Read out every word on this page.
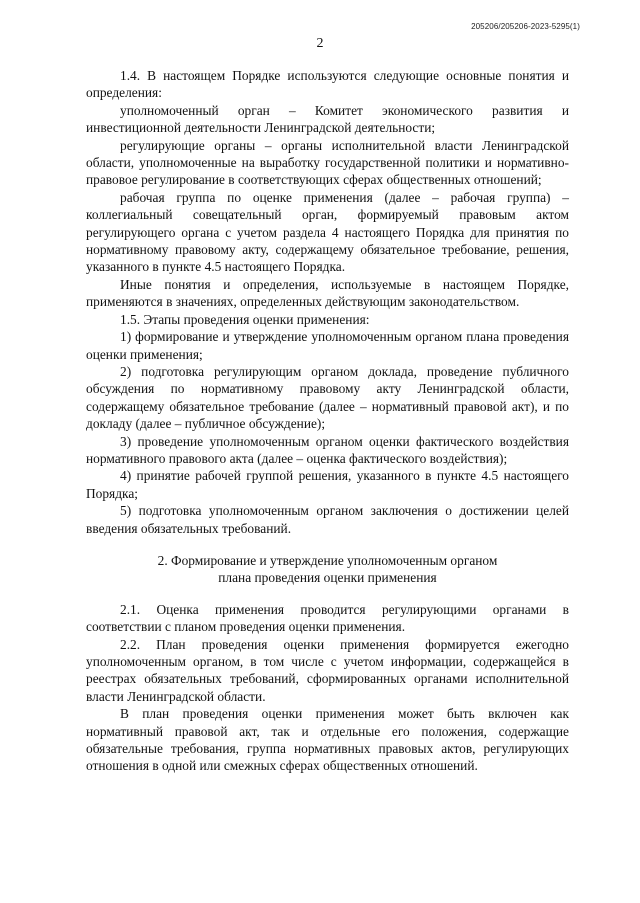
205206/205206-2023-5295(1)
2

1.4. В настоящем Порядке используются следующие основные понятия и определения:

уполномоченный орган – Комитет экономического развития и инвестиционной деятельности Ленинградской деятельности;

регулирующие органы – органы исполнительной власти Ленинградской области, уполномоченные на выработку государственной политики и нормативно-правовое регулирование в соответствующих сферах общественных отношений;

рабочая группа по оценке применения (далее – рабочая группа) – коллегиальный совещательный орган, формируемый правовым актом регулирующего органа с учетом раздела 4 настоящего Порядка для принятия по нормативному правовому акту, содержащему обязательное требование, решения, указанного в пункте 4.5 настоящего Порядка.

Иные понятия и определения, используемые в настоящем Порядке, применяются в значениях, определенных действующим законодательством.

1.5. Этапы проведения оценки применения:

1) формирование и утверждение уполномоченным органом плана проведения оценки применения;

2) подготовка регулирующим органом доклада, проведение публичного обсуждения по нормативному правовому акту Ленинградской области, содержащему обязательное требование (далее – нормативный правовой акт), и по докладу (далее – публичное обсуждение);

3) проведение уполномоченным органом оценки фактического воздействия нормативного правового акта (далее – оценка фактического воздействия);

4) принятие рабочей группой решения, указанного в пункте 4.5 настоящего Порядка;

5) подготовка уполномоченным органом заключения о достижении целей введения обязательных требований.

2. Формирование и утверждение уполномоченным органом
плана проведения оценки применения

2.1. Оценка применения проводится регулирующими органами в соответствии с планом проведения оценки применения.

2.2. План проведения оценки применения формируется ежегодно уполномоченным органом, в том числе с учетом информации, содержащейся в реестрах обязательных требований, сформированных органами исполнительной власти Ленинградской области.

В план проведения оценки применения может быть включен как нормативный правовой акт, так и отдельные его положения, содержащие обязательные требования, группа нормативных правовых актов, регулирующих отношения в одной или смежных сферах общественных отношений.
